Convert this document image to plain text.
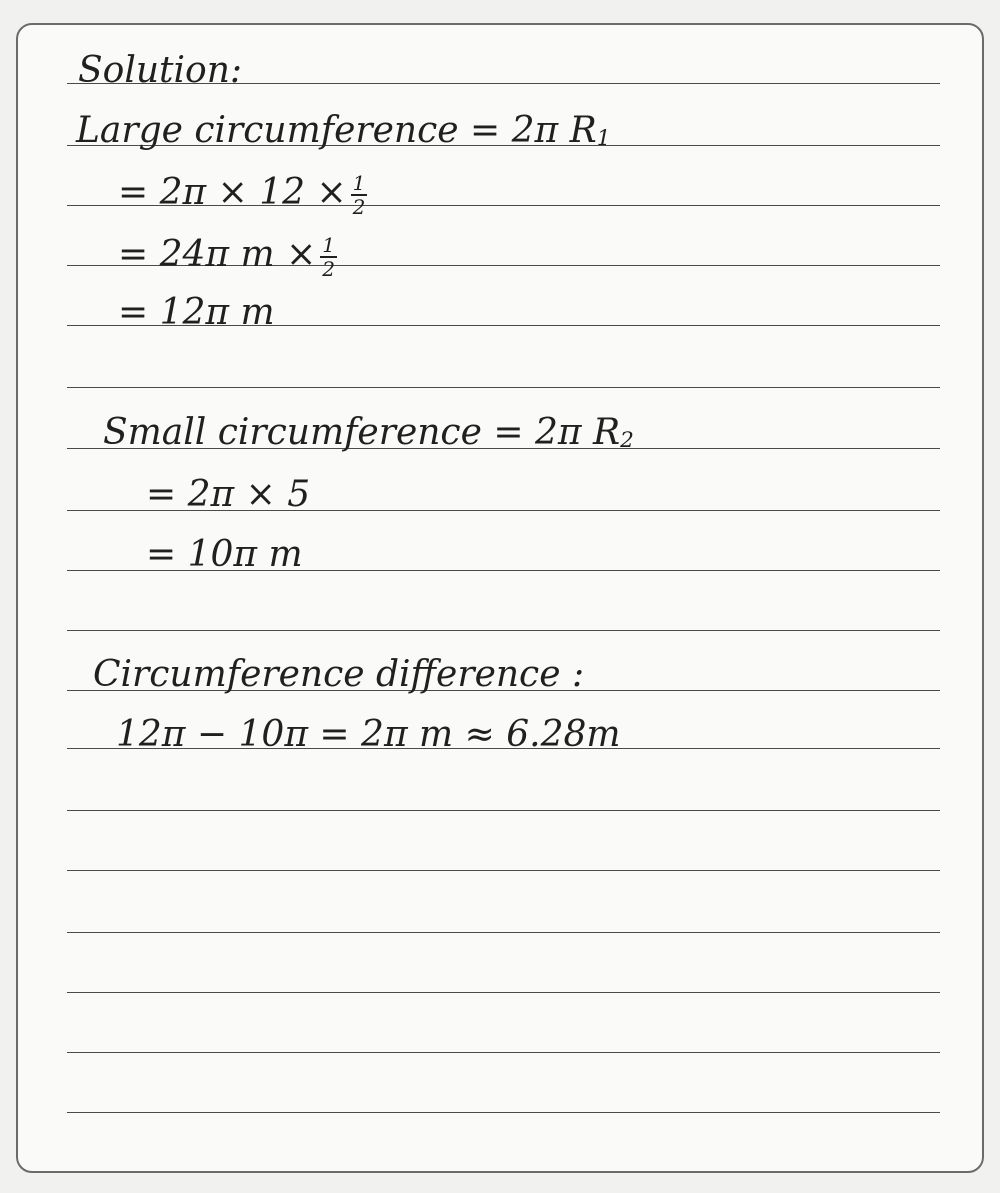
Solution:
Large circumference = 2π $R_1$
= $2\pi \times 12 \times \frac{1}{2}$
= 24π $m \times \frac{1}{2}$
= 12π m
Small circumference = 2π $R_2$
= 2π × 5
= 10π m
Circumference difference :
12π − 10π = 2π m ≈ 6.28m
